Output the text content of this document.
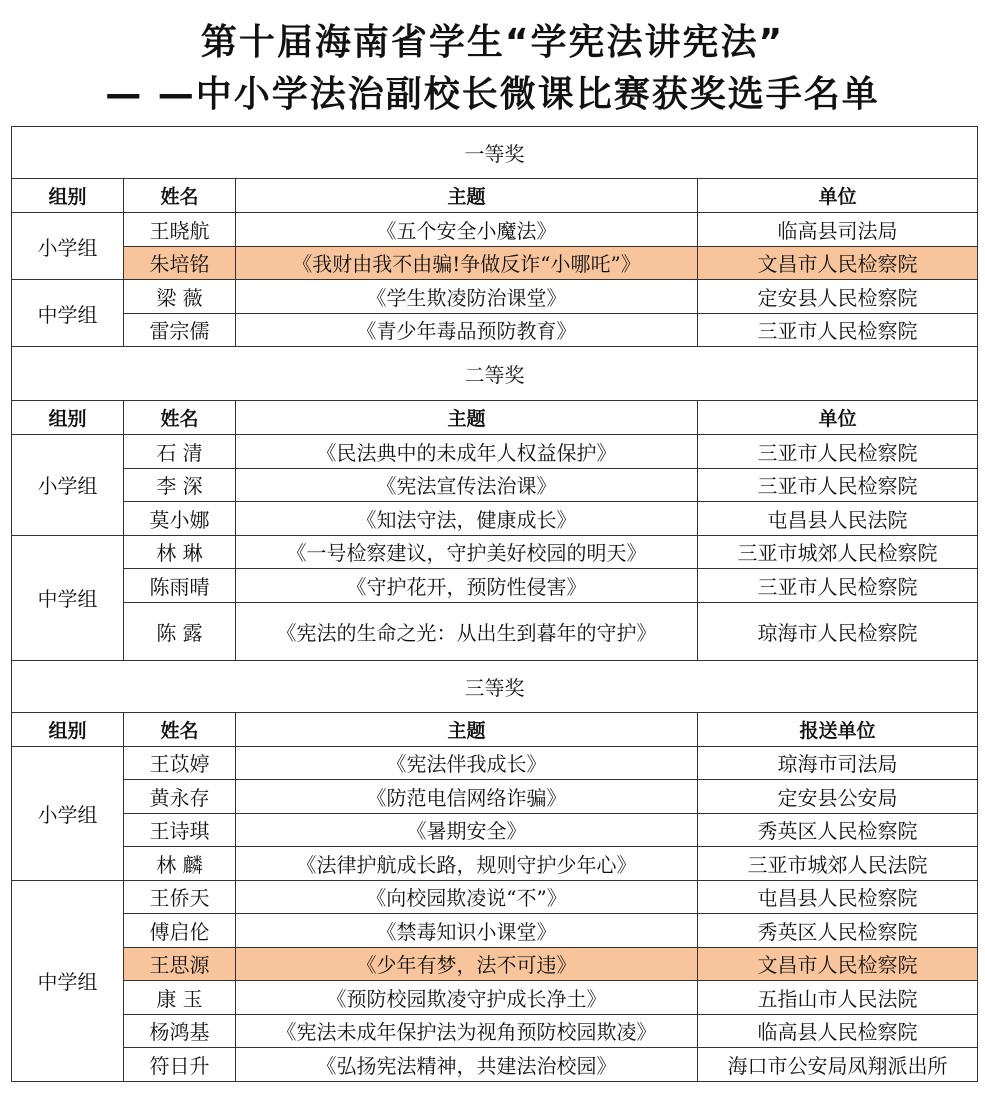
第十届海南省学生“学宪法讲宪法”
— —中小学法治副校长微课比赛获奖选手名单
一等奖			
组别	姓名	主题	单位
小学组	王晓航	《五个安全小魔法》	临高县司法局
	朱培铭	《我财由我不由骗!争做反诈“小哪吒”》	文昌市人民检察院
中学组	梁 薇	《学生欺凌防治课堂》	定安县人民检察院
	雷宗儒	《青少年毒品预防教育》	三亚市人民检察院
二等奖			
组别	姓名	主题	单位
小学组	石 清	《民法典中的未成年人权益保护》	三亚市人民检察院
	李 深	《宪法宣传法治课》	三亚市人民检察院
	莫小娜	《知法守法，健康成长》	屯昌县人民法院
中学组	林 琳	《一号检察建议，守护美好校园的明天》	三亚市城郊人民检察院
	陈雨晴	《守护花开，预防性侵害》	三亚市人民检察院
	陈 露	《宪法的生命之光：从出生到暮年的守护》	琼海市人民检察院
三等奖			
组别	姓名	主题	报送单位
小学组	王苡婷	《宪法伴我成长》	琼海市司法局
	黄永存	《防范电信网络诈骗》	定安县公安局
	王诗琪	《暑期安全》	秀英区人民检察院
	林 麟	《法律护航成长路，规则守护少年心》	三亚市城郊人民法院
中学组	王侨天	《向校园欺凌说“不”》	屯昌县人民检察院
	傅启伦	《禁毒知识小课堂》	秀英区人民检察院
	王思源	《少年有梦，法不可违》	文昌市人民检察院
	康 玉	《预防校园欺凌守护成长净土》	五指山市人民法院
	杨鸿基	《宪法未成年保护法为视角预防校园欺凌》	临高县人民检察院
	符日升	《弘扬宪法精神，共建法治校园》	海口市公安局凤翔派出所
